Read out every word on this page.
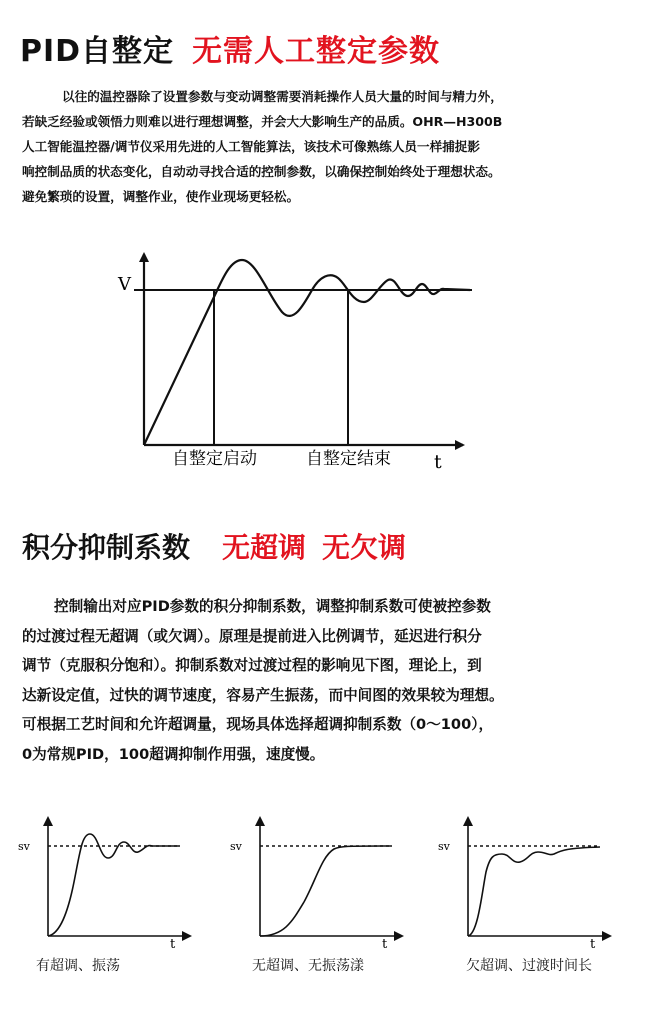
PID自整定 无需人工整定参数

以往的温控器除了设置参数与变动调整需要消耗操作人员大量的时间与精力外，

若缺乏经验或领悟力则难以进行理想调整，并会大大影响生产的品质。OHR—H300B

人工智能温控器/调节仪采用先进的人工智能算法，该技术可像熟练人员一样捕捉影

响控制品质的状态变化，自动动寻找合适的控制参数，以确保控制始终处于理想状态。

避免繁琐的设置，调整作业，使作业现场更轻松。

V
t
自整定启动	自整定结束
积分抑制系数 无超调 无欠调

控制输出对应PID参数的积分抑制系数，调整抑制系数可使被控参数

的过渡过程无超调（或欠调）。原理是提前进入比例调节，延迟进行积分

调节（克服积分饱和）。抑制系数对过渡过程的影响见下图，理论上，到

达新设定值，过快的调节速度，容易产生振荡，而中间图的效果较为理想。

可根据工艺时间和允许超调量，现场具体选择超调抑制系数（0～100），

0为常规PID，100超调抑制作用强，速度慢。

sv
t
有超调、振荡
sv
t
无超调、无振荡漾
sv
t
欠超调、过渡时间长
